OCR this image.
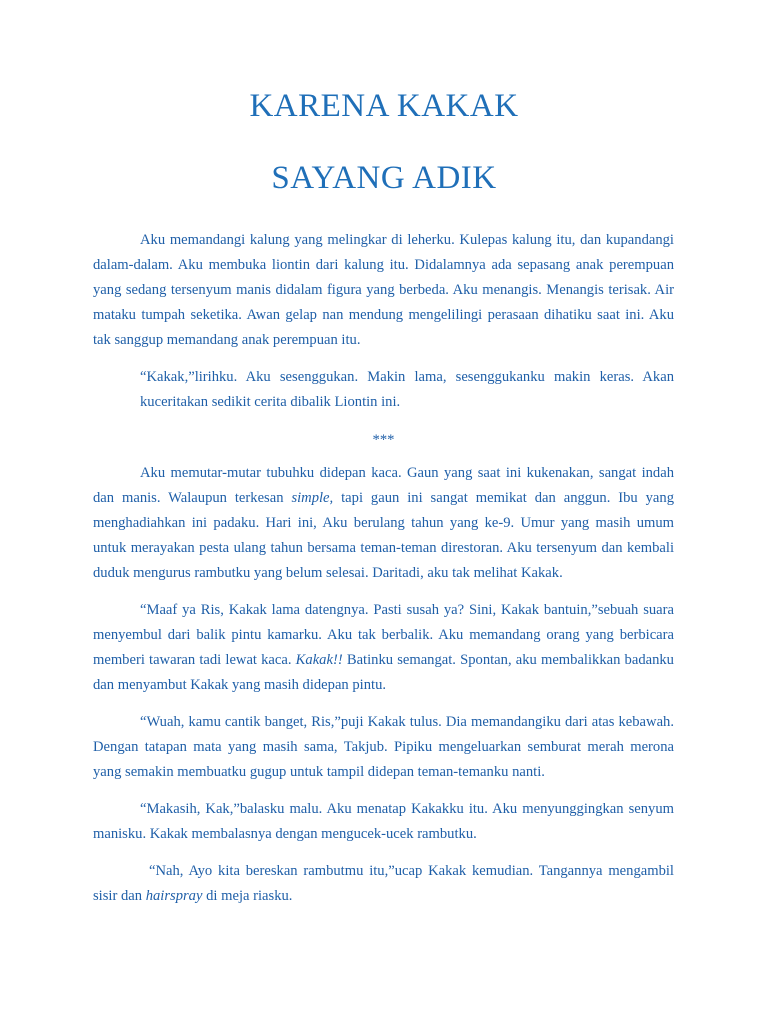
KARENA KAKAK
SAYANG ADIK

Aku memandangi kalung yang melingkar di leherku. Kulepas kalung itu, dan kupandangi dalam-dalam. Aku membuka liontin dari kalung itu. Didalamnya ada sepasang anak perempuan yang sedang tersenyum manis didalam figura yang berbeda. Aku menangis. Menangis terisak. Air mataku tumpah seketika. Awan gelap nan mendung mengelilingi perasaan dihatiku saat ini. Aku tak sanggup memandang anak perempuan itu.

“Kakak,”lirihku. Aku sesenggukan. Makin lama, sesenggukanku makin keras. Akan kuceritakan sedikit cerita dibalik Liontin ini.

***

Aku memutar-mutar tubuhku didepan kaca. Gaun yang saat ini kukenakan, sangat indah dan manis. Walaupun terkesan simple, tapi gaun ini sangat memikat dan anggun. Ibu yang menghadiahkan ini padaku. Hari ini, Aku berulang tahun yang ke-9. Umur yang masih umum untuk merayakan pesta ulang tahun bersama teman-teman direstoran. Aku tersenyum dan kembali duduk mengurus rambutku yang belum selesai. Daritadi, aku tak melihat Kakak.

“Maaf ya Ris, Kakak lama datengnya. Pasti susah ya? Sini, Kakak bantuin,”sebuah suara menyembul dari balik pintu kamarku. Aku tak berbalik. Aku memandang orang yang berbicara memberi tawaran tadi lewat kaca. Kakak!! Batinku semangat. Spontan, aku membalikkan badanku dan menyambut Kakak yang masih didepan pintu.

“Wuah, kamu cantik banget, Ris,”puji Kakak tulus. Dia memandangiku dari atas kebawah. Dengan tatapan mata yang masih sama, Takjub. Pipiku mengeluarkan semburat merah merona yang semakin membuatku gugup untuk tampil didepan teman-temanku nanti.

“Makasih, Kak,”balasku malu. Aku menatap Kakakku itu. Aku menyunggingkan senyum manisku. Kakak membalasnya dengan mengucek-ucek rambutku.

“Nah, Ayo kita bereskan rambutmu itu,”ucap Kakak kemudian. Tangannya mengambil sisir dan hairspray di meja riasku.
